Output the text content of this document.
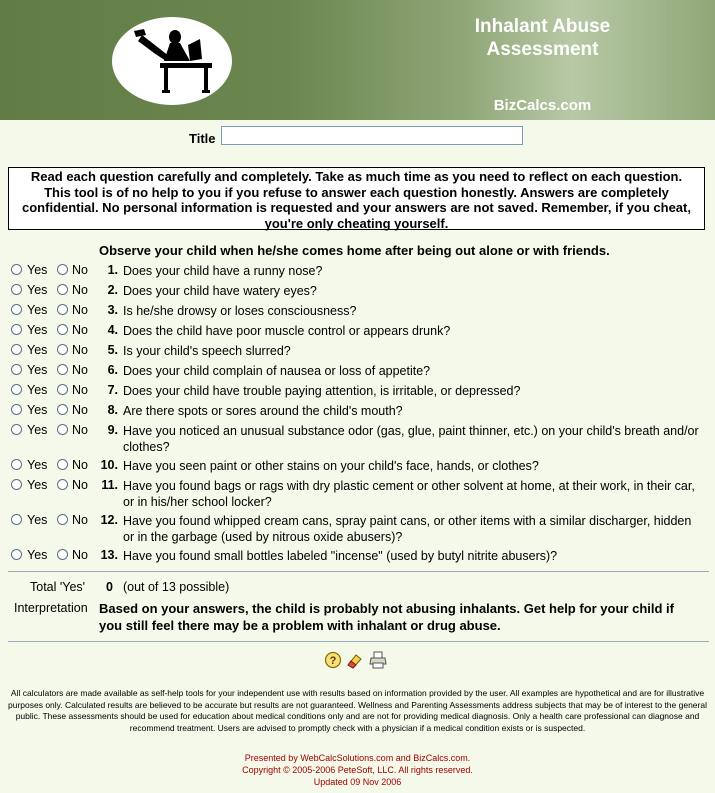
Inhalant Abuse
Assessment
BizCalcs.com
Title
Read each question carefully and completely. Take as much time as you need to reflect on each question. This tool is of no help to you if you refuse to answer each question honestly. Answers are completely confidential. No personal information is requested and your answers are not saved. Remember, if you cheat, you're only cheating yourself.
Observe your child when he/she comes home after being out alone or with friends.
Yes No	1. Does your child have a runny nose?
Yes No	2. Does your child have watery eyes?
Yes No	3. Is he/she drowsy or loses consciousness?
Yes No	4. Does the child have poor muscle control or appears drunk?
Yes No	5. Is your child's speech slurred?
Yes No	6. Does your child complain of nausea or loss of appetite?
Yes No	7. Does your child have trouble paying attention, is irritable, or depressed?
Yes No	8. Are there spots or sores around the child's mouth?
Yes No	9. Have you noticed an unusual substance odor (gas, glue, paint thinner, etc.) on your child's breath and/or clothes?
Yes No	10. Have you seen paint or other stains on your child's face, hands, or clothes?
Yes No	11. Have you found bags or rags with dry plastic cement or other solvent at home, at their work, in their car, or in his/her school locker?
Yes No	12. Have you found whipped cream cans, spray paint cans, or other items with a similar discharger, hidden or in the garbage (used by nitrous oxide abusers)?
Yes No	13. Have you found small bottles labeled "incense" (used by butyl nitrite abusers)?
Total 'Yes' 0 (out of 13 possible)
Interpretation Based on your answers, the child is probably not abusing inhalants. Get help for your child if you still feel there may be a problem with inhalant or drug abuse.
?
All calculators are made available as self-help tools for your independent use with results based on information provided by the user. All examples are hypothetical and are for illustrative purposes only. Calculated results are believed to be accurate but results are not guaranteed. Wellness and Parenting Assessments address subjects that may be of interest to the general public. These assessments should be used for education about medical conditions only and are not for providing medical diagnosis. Only a health care professional can diagnose and recommend treatment. Users are advised to promptly check with a physician if a medical condition exists or is suspected.
Presented by WebCalcSolutions.com and BizCalcs.com.
Copyright © 2005-2006 PeteSoft, LLC. All rights reserved.
Updated 09 Nov 2006
